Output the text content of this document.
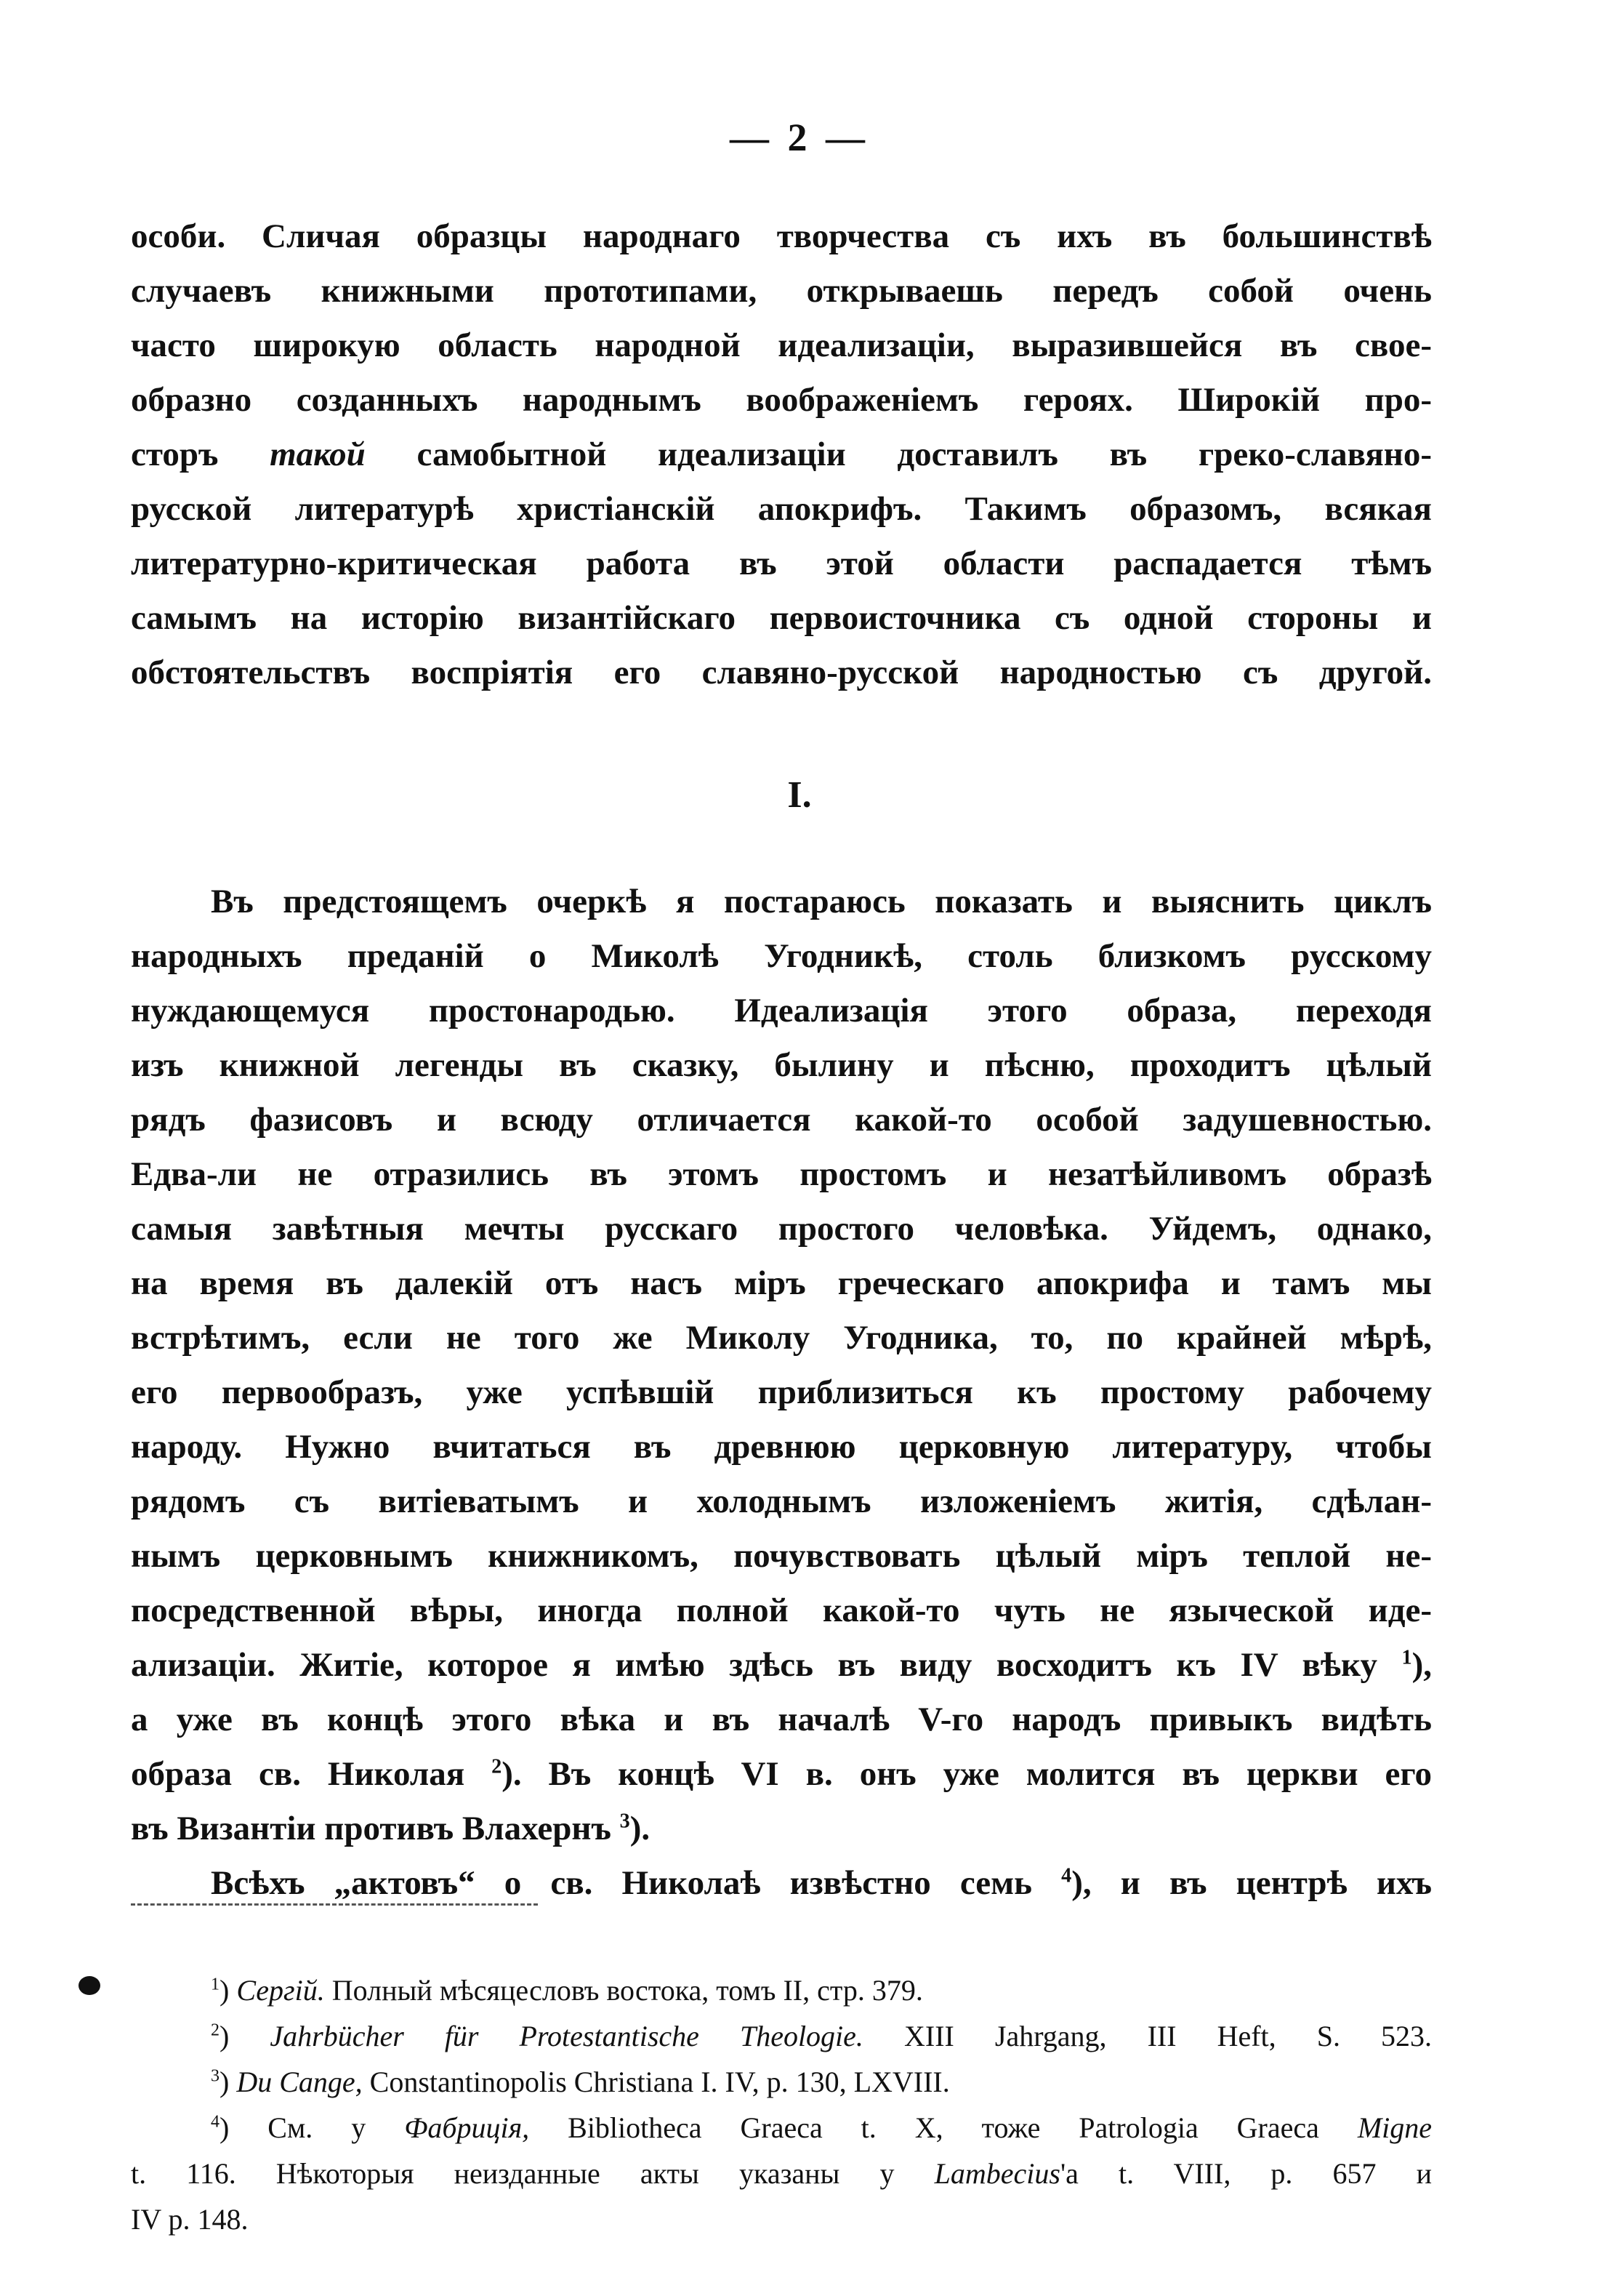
— 2 —
особи. Сличая образцы народнаго творчества съ ихъ въ большинствѣ
случаевъ книжными прототипами, открываешь передъ собой очень
часто широкую область народной идеализаціи, выразившейся въ свое-
образно созданныхъ народнымъ воображеніемъ героях. Широкій про-
сторъ такой самобытной идеализаціи доставилъ въ греко-славяно-
русской литературѣ христіанскій апокрифъ. Такимъ образомъ, всякая
литературно-критическая работа въ этой области распадается тѣмъ
самымъ на исторію византійскаго первоисточника съ одной стороны и
обстоятельствъ воспріятія его славяно-русской народностью съ другой.
I.
Въ предстоящемъ очеркѣ я постараюсь показать и выяснить циклъ
народныхъ преданій о Миколѣ Угодникѣ, столь близкомъ русскому
нуждающемуся простонародью. Идеализація этого образа, переходя
изъ книжной легенды въ сказку, былину и пѣсню, проходитъ цѣлый
рядъ фазисовъ и всюду отличается какой-то особой задушевностью.
Едва-ли не отразились въ этомъ простомъ и незатѣйливомъ образѣ
самыя завѣтныя мечты русскаго простого человѣка. Уйдемъ, однако,
на время въ далекій отъ насъ міръ греческаго апокрифа и тамъ мы
встрѣтимъ, если не того же Миколу Угодника, то, по крайней мѣрѣ,
его первообразъ, уже успѣвшій приблизиться къ простому рабочему
народу. Нужно вчитаться въ древнюю церковную литературу, чтобы
рядомъ съ витіеватымъ и холоднымъ изложеніемъ житія, сдѣлан-
нымъ церковнымъ книжникомъ, почувствовать цѣлый міръ теплой не-
посредственной вѣры, иногда полной какой-то чуть не языческой иде-
ализаціи. Житіе, которое я имѣю здѣсь въ виду восходитъ къ IV вѣку $^1$),
а уже въ концѣ этого вѣка и въ началѣ V-го народъ привыкъ видѣть
образа св. Николая $^2$). Въ концѣ VI в. онъ уже молится въ церкви его
въ Византіи противъ Влахернъ $^3$).
Всѣхъ „актовъ“ о св. Николаѣ извѣстно семь $^4$), и въ центрѣ ихъ
$^1$) Сергій. Полный мѣсяцесловъ востока, томъ II, стр. 379.
$^2$) Jahrbücher für Protestantische Theologie. XIII Jahrgang, III Heft, S. 523.
$^3$) Du Cange, Constantinopolis Christiana I. IV, p. 130, LXVIII.
$^4$) См. у Фабриція, Bibliotheca Graeca t. X, тоже Patrologia Graeca Migne
t. 116. Нѣкоторыя неизданные акты указаны у Lambecius'a t. VIII, p. 657 и
IV p. 148.
